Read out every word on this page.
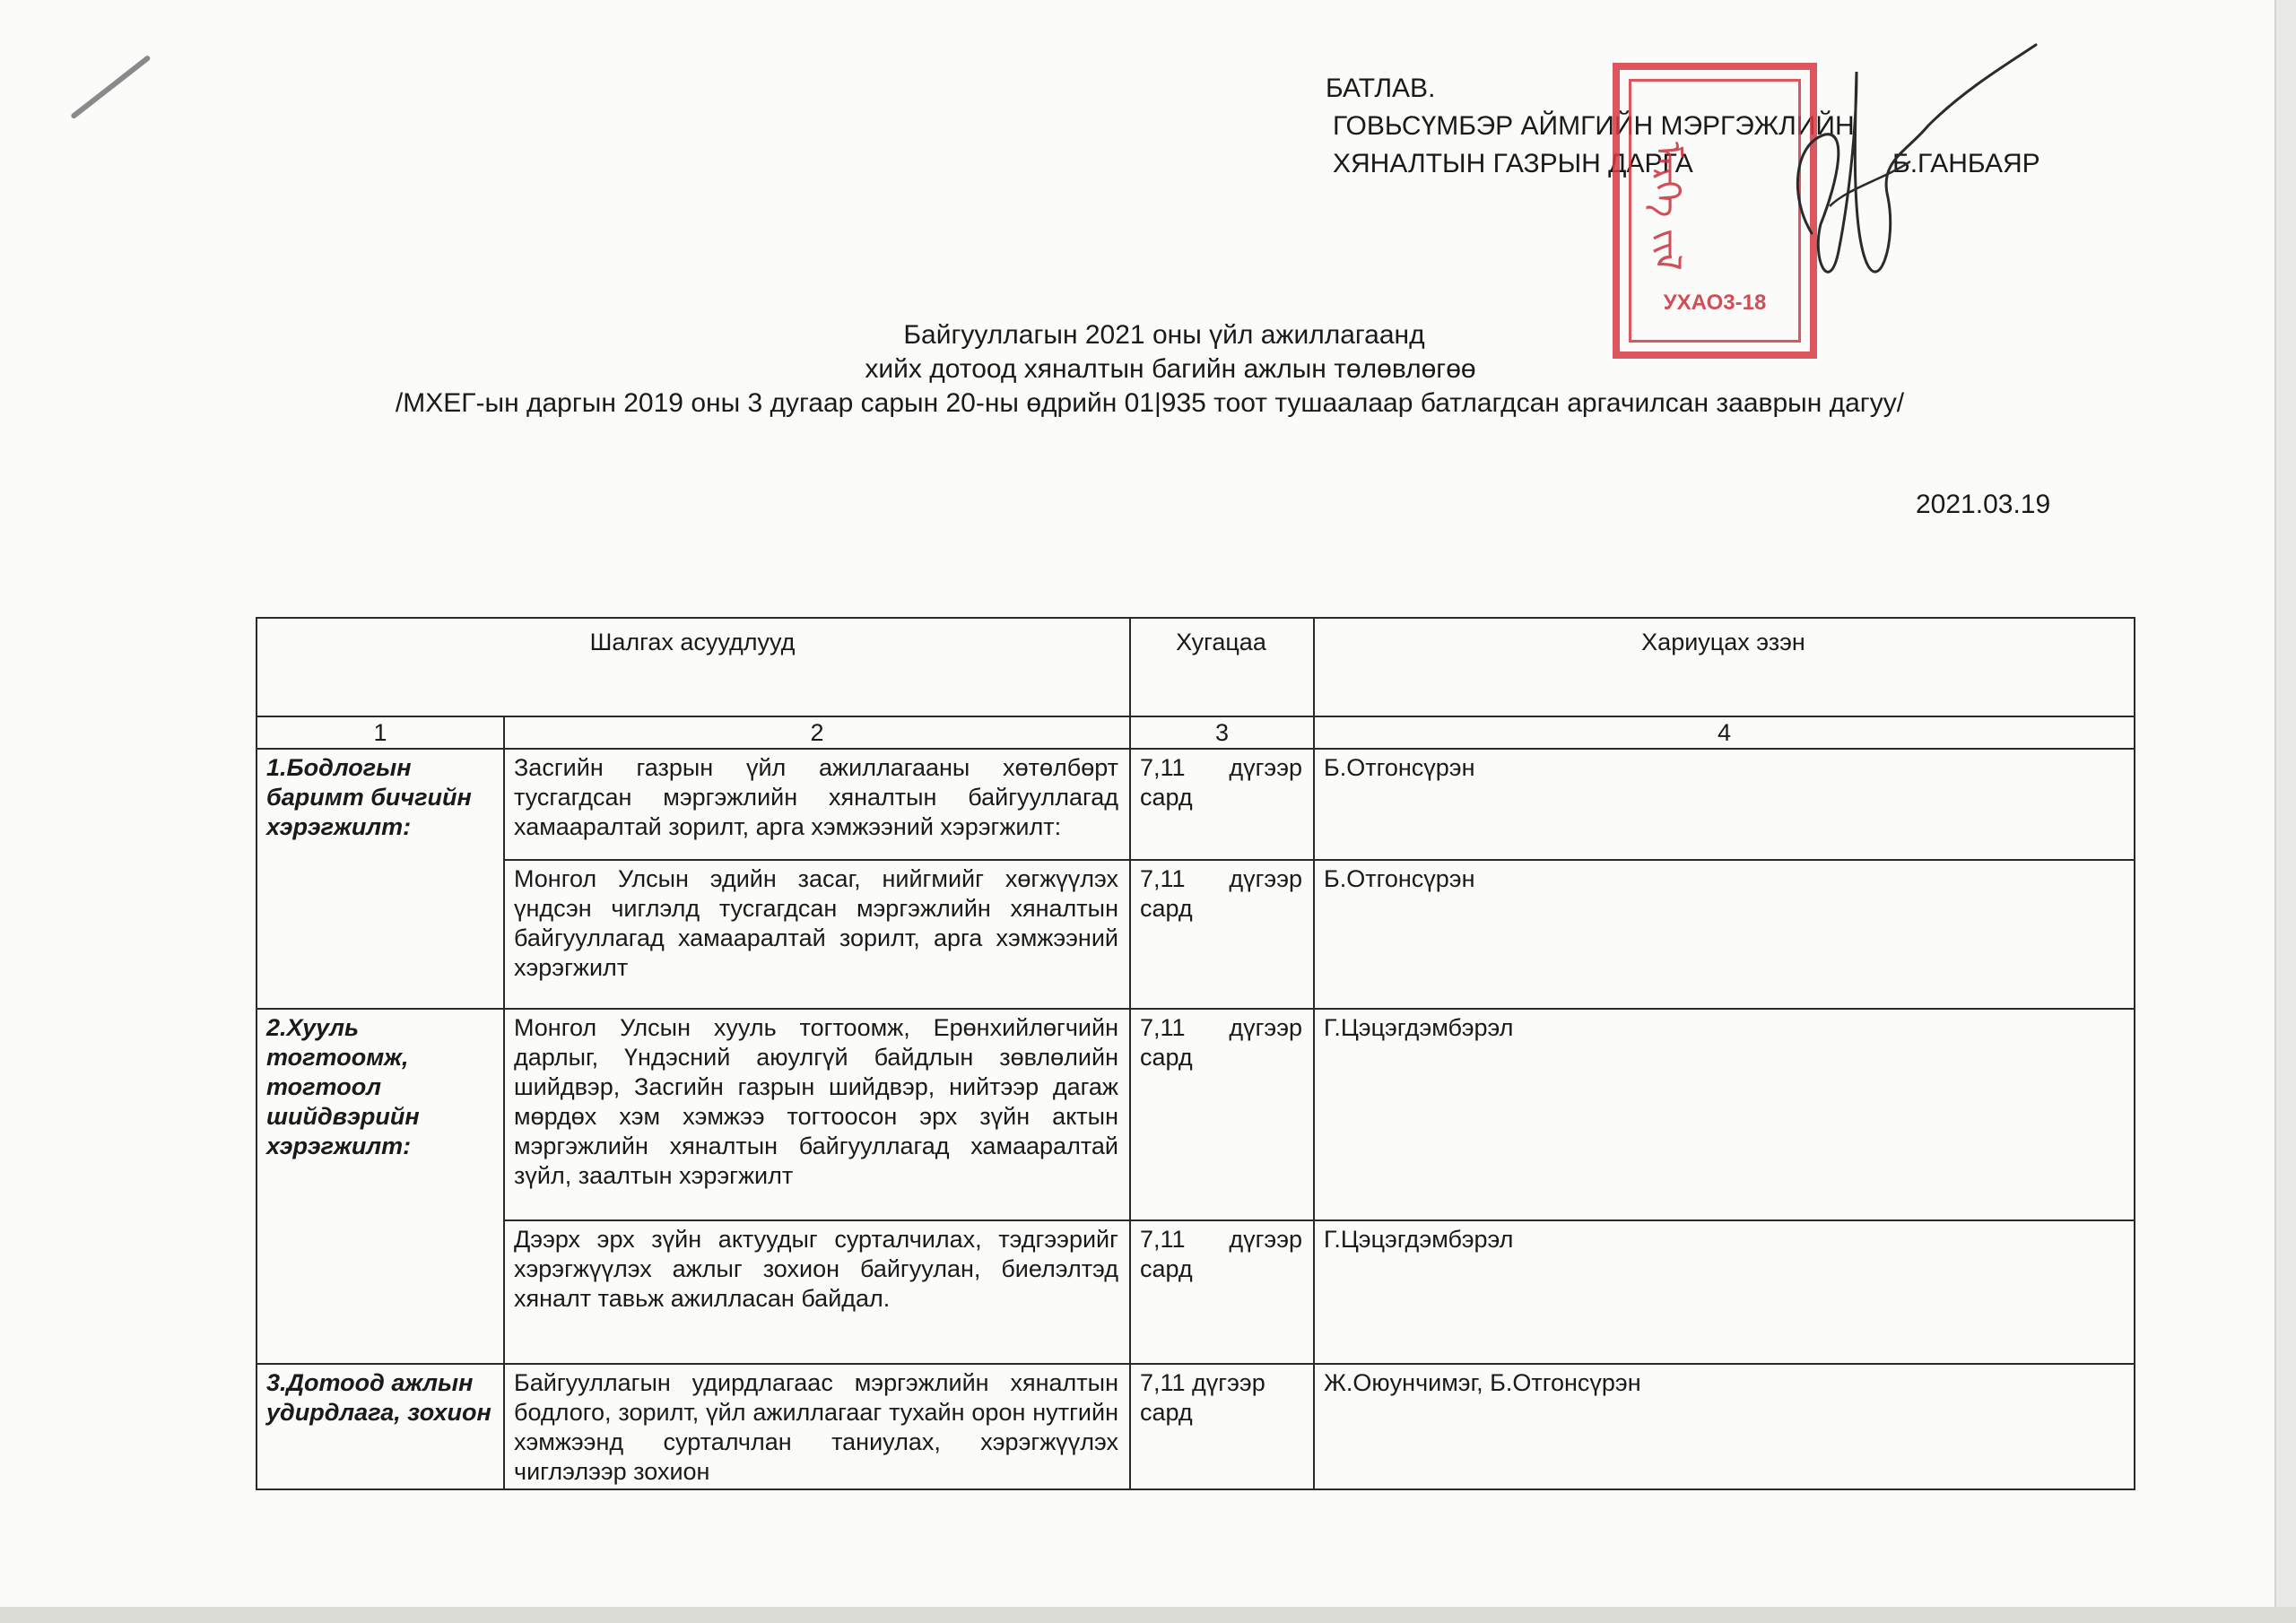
БАТЛАВ.
ГОВЬСҮМБЭР АЙМГИЙН МЭРГЭЖЛИЙН
ХЯНАЛТЫН ГАЗРЫН ДАРГА	Б.ГАНБАЯР
ᠮᠡᠷᠭᠡ ᠵᠢᠯ
УХАО3-18
Байгууллагын 2021 оны үйл ажиллагаанд
хийх дотоод хяналтын багийн ажлын төлөвлөгөө
/МХЕГ-ын даргын 2019 оны 3 дугаар сарын 20-ны өдрийн 01|935 тоот тушаалаар батлагдсан аргачилсан зааврын дагуу/
2021.03.19
Шалгах асуудлууд		Хугацаа	Хариуцах эзэн
1	2	3	4
1.Бодлогын баримт бичгийн хэрэгжилт:	Засгийн газрын үйл ажиллагааны хөтөлбөрт тусгагдсан мэргэжлийн хяналтын байгууллагад хамааралтай зорилт, арга хэмжээний хэрэгжилт:	7,11 дүгээр сард	Б.Отгонсүрэн
	Монгол Улсын эдийн засаг, нийгмийг хөгжүүлэх үндсэн чиглэлд тусгагдсан мэргэжлийн хяналтын байгууллагад хамааралтай зорилт, арга хэмжээний хэрэгжилт	7,11 дүгээр сард	Б.Отгонсүрэн
2.Хууль тогтоомж, тогтоол шийдвэрийн хэрэгжилт:	Монгол Улсын хууль тогтоомж, Ерөнхийлөгчийн дарлыг, Үндэсний аюулгүй байдлын зөвлөлийн шийдвэр, Засгийн газрын шийдвэр, нийтээр дагаж мөрдөх хэм хэмжээ тогтоосон эрх зүйн актын мэргэжлийн хяналтын байгууллагад хамааралтай зүйл, заалтын хэрэгжилт	7,11 дүгээр сард	Г.Цэцэгдэмбэрэл
	Дээрх эрх зүйн актуудыг сурталчилах, тэдгээрийг хэрэгжүүлэх ажлыг зохион байгуулан, биелэлтэд хяналт тавьж ажилласан байдал.	7,11 дүгээр сард	Г.Цэцэгдэмбэрэл
3.Дотоод ажлын удирдлага, зохион	Байгууллагын удирдлагаас мэргэжлийн хяналтын бодлого, зорилт, үйл ажиллагааг тухайн орон нутгийн хэмжээнд сурталчлан таниулах, хэрэгжүүлэх чиглэлээр зохион	7,11 дүгээр сард	Ж.Оюунчимэг, Б.Отгонсүрэн
